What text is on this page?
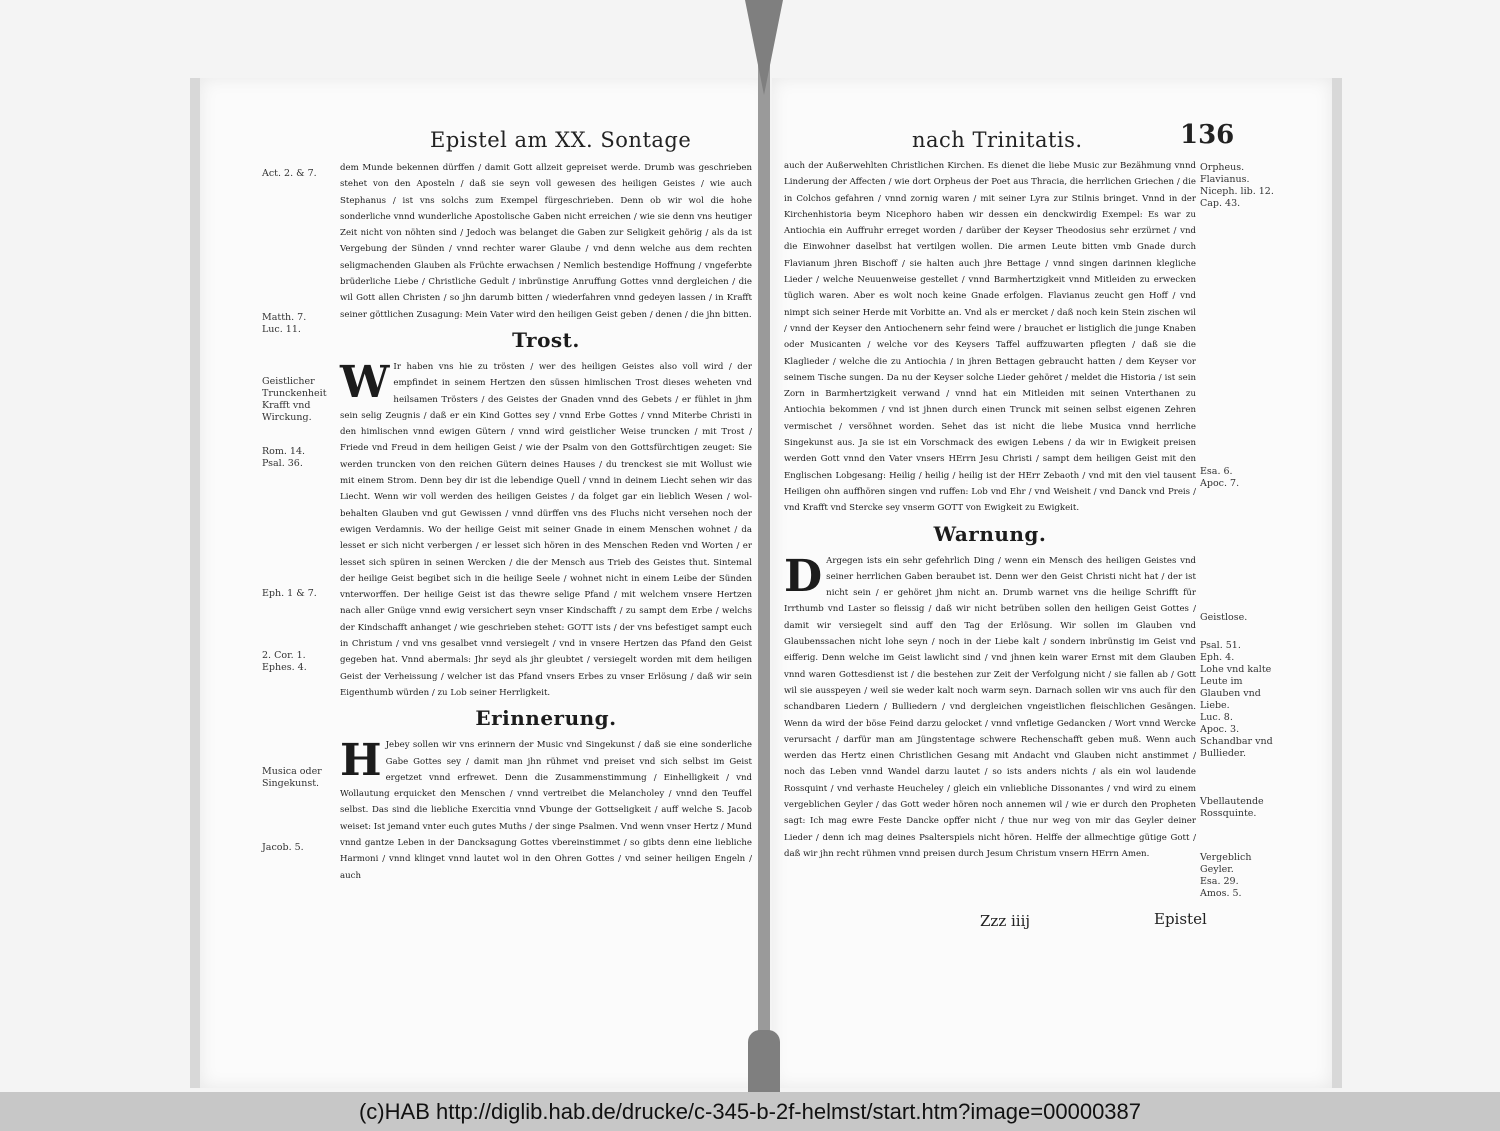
Epistel am XX. Sontage

dem Munde bekennen dürffen / damit Gott allzeit gepreiset werde. Drumb was geschrieben stehet von den Aposteln / daß sie seyn voll gewesen des heiligen Geistes / wie auch Stephanus / ist vns solchs zum Exempel fürgeschrieben. Denn ob wir wol die hohe sonderliche vnnd wunderliche Apostolische Gaben nicht erreichen / wie sie denn vns heutiger Zeit nicht von nöhten sind / Jedoch was belanget die Gaben zur Seligkeit gehörig / als da ist Vergebung der Sünden / vnnd rechter warer Glaube / vnd denn welche aus dem rechten seligmachenden Glauben als Früchte erwachsen / Nemlich bestendige Hoffnung / vngeferbte brüderliche Liebe / Christliche Gedult / inbrünstige Anruffung Gottes vnnd dergleichen / die wil Gott allen Christen / so jhn darumb bitten / wiederfahren vnnd gedeyen lassen / in Krafft seiner göttlichen Zusagung: Mein Vater wird den heiligen Geist geben / denen / die jhn bitten.

Trost.

W Ir haben vns hie zu trösten / wer des heiligen Geistes also voll wird / der empfindet in seinem Hertzen den süssen himlischen Trost dieses weheten vnd heilsamen Trösters / des Geistes der Gnaden vnnd des Gebets / er fühlet in jhm sein selig Zeugnis / daß er ein Kind Gottes sey / vnnd Erbe Gottes / vnnd Miterbe Christi in den himlischen vnnd ewigen Gütern / vnnd wird geistlicher Weise truncken / mit Trost / Friede vnd Freud in dem heiligen Geist / wie der Psalm von den Gottsfürchtigen zeuget: Sie werden truncken von den reichen Gütern deines Hauses / du trenckest sie mit Wollust wie mit einem Strom. Denn bey dir ist die lebendige Quell / vnnd in deinem Liecht sehen wir das Liecht. Wenn wir voll werden des heiligen Geistes / da folget gar ein lieblich Wesen / wol-behalten Glauben vnd gut Gewissen / vnnd dürffen vns des Fluchs nicht versehen noch der ewigen Verdamnis. Wo der heilige Geist mit seiner Gnade in einem Menschen wohnet / da lesset er sich nicht verbergen / er lesset sich hören in des Menschen Reden vnd Worten / er lesset sich spüren in seinen Wercken / die der Mensch aus Trieb des Geistes thut. Sintemal der heilige Geist begibet sich in die heilige Seele / wohnet nicht in einem Leibe der Sünden vnterworffen. Der heilige Geist ist das thewre selige Pfand / mit welchem vnsere Hertzen nach aller Gnüge vnnd ewig versichert seyn vnser Kindschafft / zu sampt dem Erbe / welchs der Kindschafft anhanget / wie geschrieben stehet: GOTT ists / der vns befestiget sampt euch in Christum / vnd vns gesalbet vnnd versiegelt / vnd in vnsere Hertzen das Pfand den Geist gegeben hat. Vnnd abermals: Jhr seyd als jhr gleubtet / versiegelt worden mit dem heiligen Geist der Verheissung / welcher ist das Pfand vnsers Erbes zu vnser Erlösung / daß wir sein Eigenthumb würden / zu Lob seiner Herrligkeit.

Erinnerung.

H Jebey sollen wir vns erinnern der Music vnd Singekunst / daß sie eine sonderliche Gabe Gottes sey / damit man jhn rühmet vnd preiset vnd sich selbst im Geist ergetzet vnnd erfrewet. Denn die Zusammenstimmung / Einhelligkeit / vnd Wollautung erquicket den Menschen / vnnd vertreibet die Melancholey / vnnd den Teuffel selbst. Das sind die liebliche Exercitia vnnd Vbunge der Gottseligkeit / auff welche S. Jacob weiset: Ist jemand vnter euch gutes Muths / der singe Psalmen. Vnd wenn vnser Hertz / Mund vnnd gantze Leben in der Dancksagung Gottes vbereinstimmet / so gibts denn eine liebliche Harmoni / vnnd klinget vnnd lautet wol in den Ohren Gottes / vnd seiner heiligen Engeln / auch

Act. 2. & 7.
Matth. 7.
Luc. 11.
Geistlicher Trunckenheit Krafft vnd Wirckung.
Rom. 14.
Psal. 36.
Eph. 1 & 7.
2. Cor. 1.
Ephes. 4.
Musica oder Singekunst.
Jacob. 5.
nach Trinitatis.	136

auch der Außerwehlten Christlichen Kirchen. Es dienet die liebe Music zur Bezähmung vnnd Linderung der Affecten / wie dort Orpheus der Poet aus Thracia, die herrlichen Griechen / die in Colchos gefahren / vnnd zornig waren / mit seiner Lyra zur Stilnis bringet. Vnnd in der Kirchenhistoria beym Nicephoro haben wir dessen ein denckwirdig Exempel: Es war zu Antiochia ein Auffruhr erreget worden / darüber der Keyser Theodosius sehr erzürnet / vnd die Einwohner daselbst hat vertilgen wollen. Die armen Leute bitten vmb Gnade durch Flavianum jhren Bischoff / sie halten auch jhre Bettage / vnnd singen darinnen klegliche Lieder / welche Neuuenweise gestellet / vnnd Barmhertzigkeit vnnd Mitleiden zu erwecken tüglich waren. Aber es wolt noch keine Gnade erfolgen. Flavianus zeucht gen Hoff / vnd nimpt sich seiner Herde mit Vorbitte an. Vnd als er mercket / daß noch kein Stein zischen wil / vnnd der Keyser den Antiochenern sehr feind were / brauchet er listiglich die junge Knaben oder Musicanten / welche vor des Keysers Taffel auffzuwarten pflegten / daß sie die Klaglieder / welche die zu Antiochia / in jhren Bettagen gebraucht hatten / dem Keyser vor seinem Tische sungen. Da nu der Keyser solche Lieder gehöret / meldet die Historia / ist sein Zorn in Barmhertzigkeit verwand / vnnd hat ein Mitleiden mit seinen Vnterthanen zu Antiochia bekommen / vnd ist jhnen durch einen Trunck mit seinen selbst eigenen Zehren vermischet / versöhnet worden. Sehet das ist nicht die liebe Musica vnnd herrliche Singekunst aus. Ja sie ist ein Vorschmack des ewigen Lebens / da wir in Ewigkeit preisen werden Gott vnnd den Vater vnsers HErrn Jesu Christi / sampt dem heiligen Geist mit den Englischen Lobgesang: Heilig / heilig / heilig ist der HErr Zebaoth / vnd mit den viel tausent Heiligen ohn auffhören singen vnd ruffen: Lob vnd Ehr / vnd Weisheit / vnd Danck vnd Preis / vnd Krafft vnd Stercke sey vnserm GOTT von Ewigkeit zu Ewigkeit.

Warnung.

D Argegen ists ein sehr gefehrlich Ding / wenn ein Mensch des heiligen Geistes vnd seiner herrlichen Gaben beraubet ist. Denn wer den Geist Christi nicht hat / der ist nicht sein / er gehöret jhm nicht an. Drumb warnet vns die heilige Schrifft für Irrthumb vnd Laster so fleissig / daß wir nicht betrüben sollen den heiligen Geist Gottes / damit wir versiegelt sind auff den Tag der Erlösung. Wir sollen im Glauben vnd Glaubenssachen nicht lohe seyn / noch in der Liebe kalt / sondern inbrünstig im Geist vnd eifferig. Denn welche im Geist lawlicht sind / vnd jhnen kein warer Ernst mit dem Glauben vnnd waren Gottesdienst ist / die bestehen zur Zeit der Verfolgung nicht / sie fallen ab / Gott wil sie ausspeyen / weil sie weder kalt noch warm seyn. Darnach sollen wir vns auch für den schandbaren Liedern / Bulliedern / vnd dergleichen vngeistlichen fleischlichen Gesängen. Wenn da wird der böse Feind darzu gelocket / vnnd vnfletige Gedancken / Wort vnnd Wercke verursacht / darfür man am Jüngstentage schwere Rechenschafft geben muß. Wenn auch werden das Hertz einen Christlichen Gesang mit Andacht vnd Glauben nicht anstimmet / noch das Leben vnnd Wandel darzu lautet / so ists anders nichts / als ein wol laudende Rossquint / vnd verhaste Heucheley / gleich ein vnliebliche Dissonantes / vnd wird zu einem vergeblichen Geyler / das Gott weder hören noch annemen wil / wie er durch den Propheten sagt: Ich mag ewre Feste Dancke opffer nicht / thue nur weg von mir das Geyler deiner Lieder / denn ich mag deines Psalterspiels nicht hören. Helffe der allmechtige gütige Gott / daß wir jhn recht rühmen vnnd preisen durch Jesum Christum vnsern HErrn Amen.

Orpheus.
Flavianus.
Niceph. lib. 12.
Cap. 43.
Esa. 6.
Apoc. 7.
Geistlose.
Psal. 51.
Eph. 4.
Lohe vnd kalte Leute im Glauben vnd Liebe.
Luc. 8.
Apoc. 3.
Schandbar vnd Bullieder.
Vbellautende Rossquinte.
Vergeblich Geyler.
Esa. 29.
Amos. 5.
Zzz iiij	Epistel
(c)HAB http://diglib.hab.de/drucke/c-345-b-2f-helmst/start.htm?image=00000387
